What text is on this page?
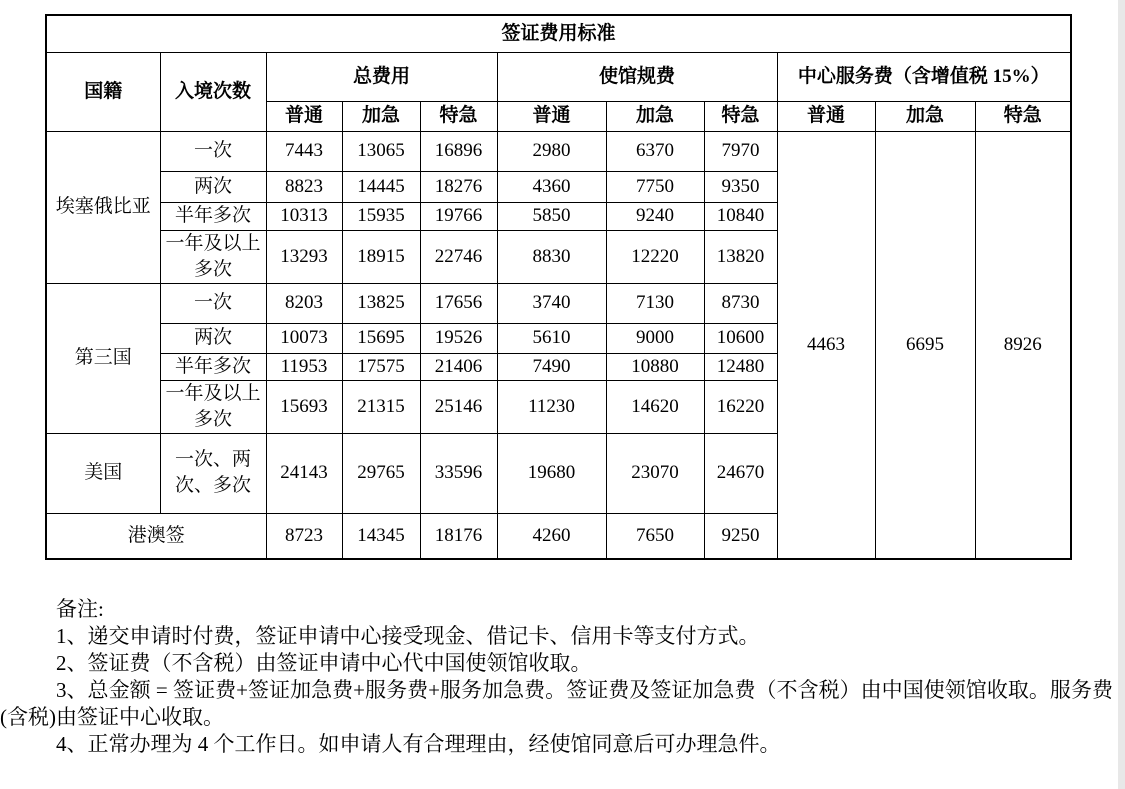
签证费用标准										
国籍	入境次数	总费用			使馆规费			中心服务费（含增值税 15%）		
		普通	加急	特急	普通	加急	特急	普通	加急	特急
埃塞俄比亚	一次	7443	13065	16896	2980	6370	7970	4463	6695	8926
	两次	8823	14445	18276	4360	7750	9350			
	半年多次	10313	15935	19766	5850	9240	10840			
	一年及以上多次	13293	18915	22746	8830	12220	13820			
第三国	一次	8203	13825	17656	3740	7130	8730			
	两次	10073	15695	19526	5610	9000	10600			
	半年多次	11953	17575	21406	7490	10880	12480			
	一年及以上多次	15693	21315	25146	11230	14620	16220			
美国	一次、两次、多次	24143	29765	33596	19680	23070	24670			
港澳签		8723	14345	18176	4260	7650	9250			

备注:

1、递交申请时付费，签证申请中心接受现金、借记卡、信用卡等支付方式。

2、签证费（不含税）由签证申请中心代中国使领馆收取。

3、总金额 = 签证费+签证加急费+服务费+服务加急费。签证费及签证加急费（不含税）由中国使领馆收取。服务费(含税)由签证中心收取。

4、正常办理为 4 个工作日。如申请人有合理理由，经使馆同意后可办理急件。
